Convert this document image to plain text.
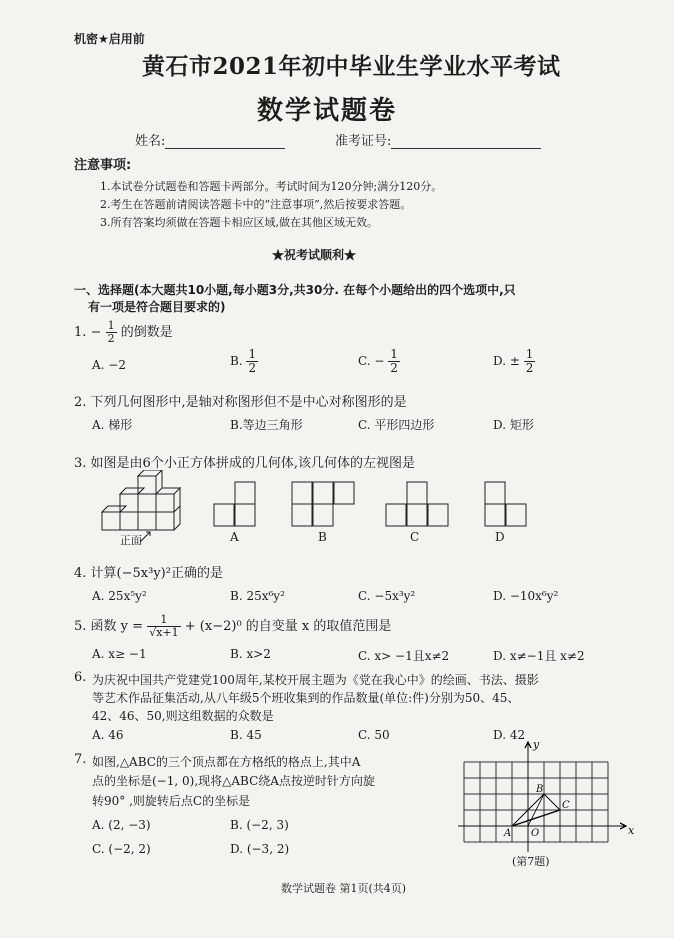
机密★启用前
黄石市2021年初中毕业生学业水平考试
数学试题卷
姓名:	准考证号:
注意事项:
1.本试卷分试题卷和答题卡两部分。考试时间为120分钟;满分120分。
2.考生在答题前请阅读答题卡中的“注意事项”,然后按要求答题。
3.所有答案均须做在答题卡相应区域,做在其他区域无效。
★祝考试顺利★
一、选择题(本大题共10小题,每小题3分,共30分. 在每个小题给出的四个选项中,只
有一项是符合题目要求的)
1. − $\frac{1}{2}$ 的倒数是
A. −2	B. $\frac{1}{2}$	C. − $\frac{1}{2}$	D. ± $\frac{1}{2}$
2. 下列几何图形中,是轴对称图形但不是中心对称图形的是
A. 梯形	B.等边三角形	C. 平形四边形	D. 矩形
3. 如图是由6个小正方体拼成的几何体,该几何体的左视图是
正面	A	B	C	D
4. 计算(−5x³y)²正确的是
A. 25x⁵y²	B. 25x⁶y²	C. −5x³y²	D. −10x⁶y²
5. 函数 $y = \frac{1}{√x+1} + (x-2)^0$ 的自变量 x 的取值范围是
A. x≥ −1	B. x>2	C. x> −1且x≠2	D. x≠−1且 x≠2
6. 为庆祝中国共产党建党100周年,某校开展主题为《党在我心中》的绘画、书法、摄影
等艺术作品征集活动,从八年级5个班收集到的作品数量(单位:件)分别为50、45、
42、46、50,则这组数据的众数是
A. 46	B. 45	C. 50	D. 42
7. 如图,△ABC的三个顶点都在方格纸的格点上,其中A
点的坐标是(−1, 0),现将△ABC绕A点按逆时针方向旋
转90° ,则旋转后点C的坐标是
A. (2, −3)	B. (−2, 3)
C. (−2, 2)	D. (−3, 2)
y
x
O
A
B
C
(第7题)
数学试题卷 第1页(共4页)
